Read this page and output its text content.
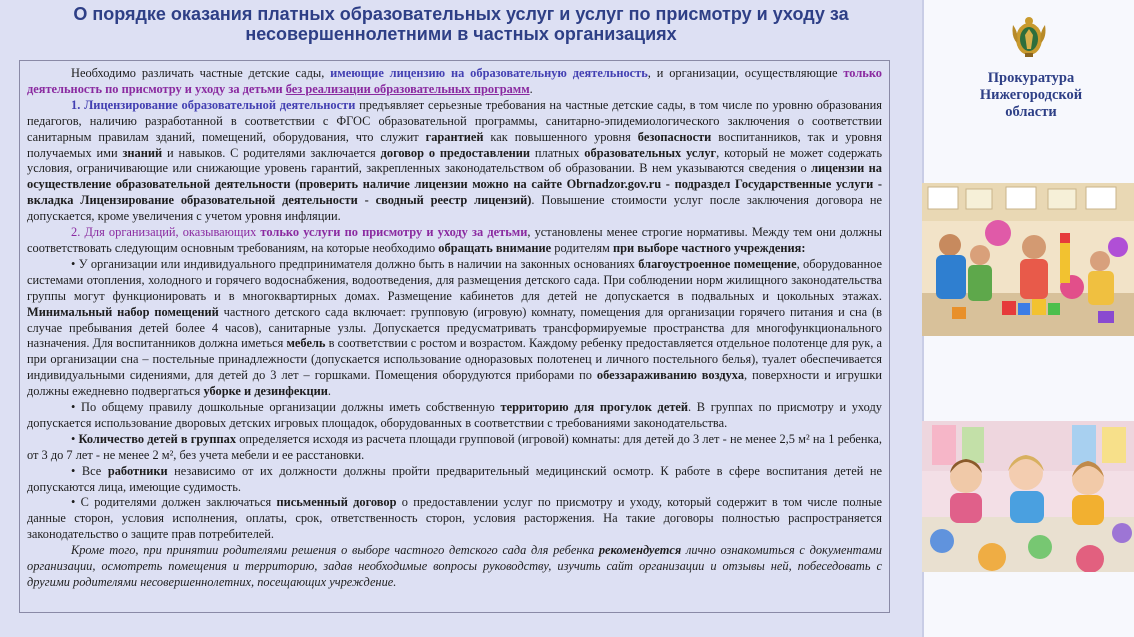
О порядке оказания платных образовательных услуг и услуг по присмотру и уходу за
несовершеннолетними в частных организациях

Необходимо различать частные детские сады, имеющие лицензию на образовательную деятельность, и организации, осуществляющие только деятельность по присмотру и уходу за детьми без реализации образовательных программ.

1. Лицензирование образовательной деятельности предъявляет серьезные требования на частные детские сады, в том числе по уровню образования педагогов, наличию разработанной в соответствии с ФГОС образовательной программы, санитарно-эпидемиологического заключения о соответствии санитарным правилам зданий, помещений, оборудования, что служит гарантией как повышенного уровня безопасности воспитанников, так и уровня получаемых ими знаний и навыков. С родителями заключается договор о предоставлении платных образовательных услуг, который не может содержать условия, ограничивающие или снижающие уровень гарантий, закрепленных законодательством об образовании. В нем указываются сведения о лицензии на осуществление образовательной деятельности (проверить наличие лицензии можно на сайте Obrnadzor.gov.ru - подраздел Государственные услуги - вкладка Лицензирование образовательной деятельности - сводный реестр лицензий). Повышение стоимости услуг после заключения договора не допускается, кроме увеличения с учетом уровня инфляции.

2. Для организаций, оказывающих только услуги по присмотру и уходу за детьми, установлены менее строгие нормативы. Между тем они должны соответствовать следующим основным требованиям, на которые необходимо обращать внимание родителям при выборе частного учреждения:

• У организации или индивидуального предпринимателя должно быть в наличии на законных основаниях благоустроенное помещение, оборудованное системами отопления, холодного и горячего водоснабжения, водоотведения, для размещения детского сада. При соблюдении норм жилищного законодательства группы могут функционировать и в многоквартирных домах. Размещение кабинетов для детей не допускается в подвальных и цокольных этажах. Минимальный набор помещений частного детского сада включает: групповую (игровую) комнату, помещения для организации горячего питания и сна (в случае пребывания детей более 4 часов), санитарные узлы. Допускается предусматривать трансформируемые пространства для многофункционального назначения. Для воспитанников должна иметься мебель в соответствии с ростом и возрастом. Каждому ребенку предоставляется отдельное полотенце для рук, а при организации сна – постельные принадлежности (допускается использование одноразовых полотенец и личного постельного белья), туалет обеспечивается индивидуальными сидениями, для детей до 3 лет – горшками. Помещения оборудуются приборами по обеззараживанию воздуха, поверхности и игрушки должны ежедневно подвергаться уборке и дезинфекции.

• По общему правилу дошкольные организации должны иметь собственную территорию для прогулок детей. В группах по присмотру и уходу допускается использование дворовых детских игровых площадок, оборудованных в соответствии с требованиями законодательства.

• Количество детей в группах определяется исходя из расчета площади групповой (игровой) комнаты: для детей до 3 лет - не менее 2,5 м² на 1 ребенка, от 3 до 7 лет - не менее 2 м², без учета мебели и ее расстановки.

• Все работники независимо от их должности должны пройти предварительный медицинский осмотр. К работе в сфере воспитания детей не допускаются лица, имеющие судимость.

• С родителями должен заключаться письменный договор о предоставлении услуг по присмотру и уходу, который содержит в том числе полные данные сторон, условия исполнения, оплаты, срок, ответственность сторон, условия расторжения. На такие договоры полностью распространяется законодательство о защите прав потребителей.

Кроме того, при принятии родителями решения о выборе частного детского сада для ребенка рекомендуется лично ознакомиться с документами организации, осмотреть помещения и территорию, задав необходимые вопросы руководству, изучить сайт организации и отзывы ней, побеседовать с другими родителями несовершеннолетних, посещающих учреждение.

Прокуратура
Нижегородской
области
